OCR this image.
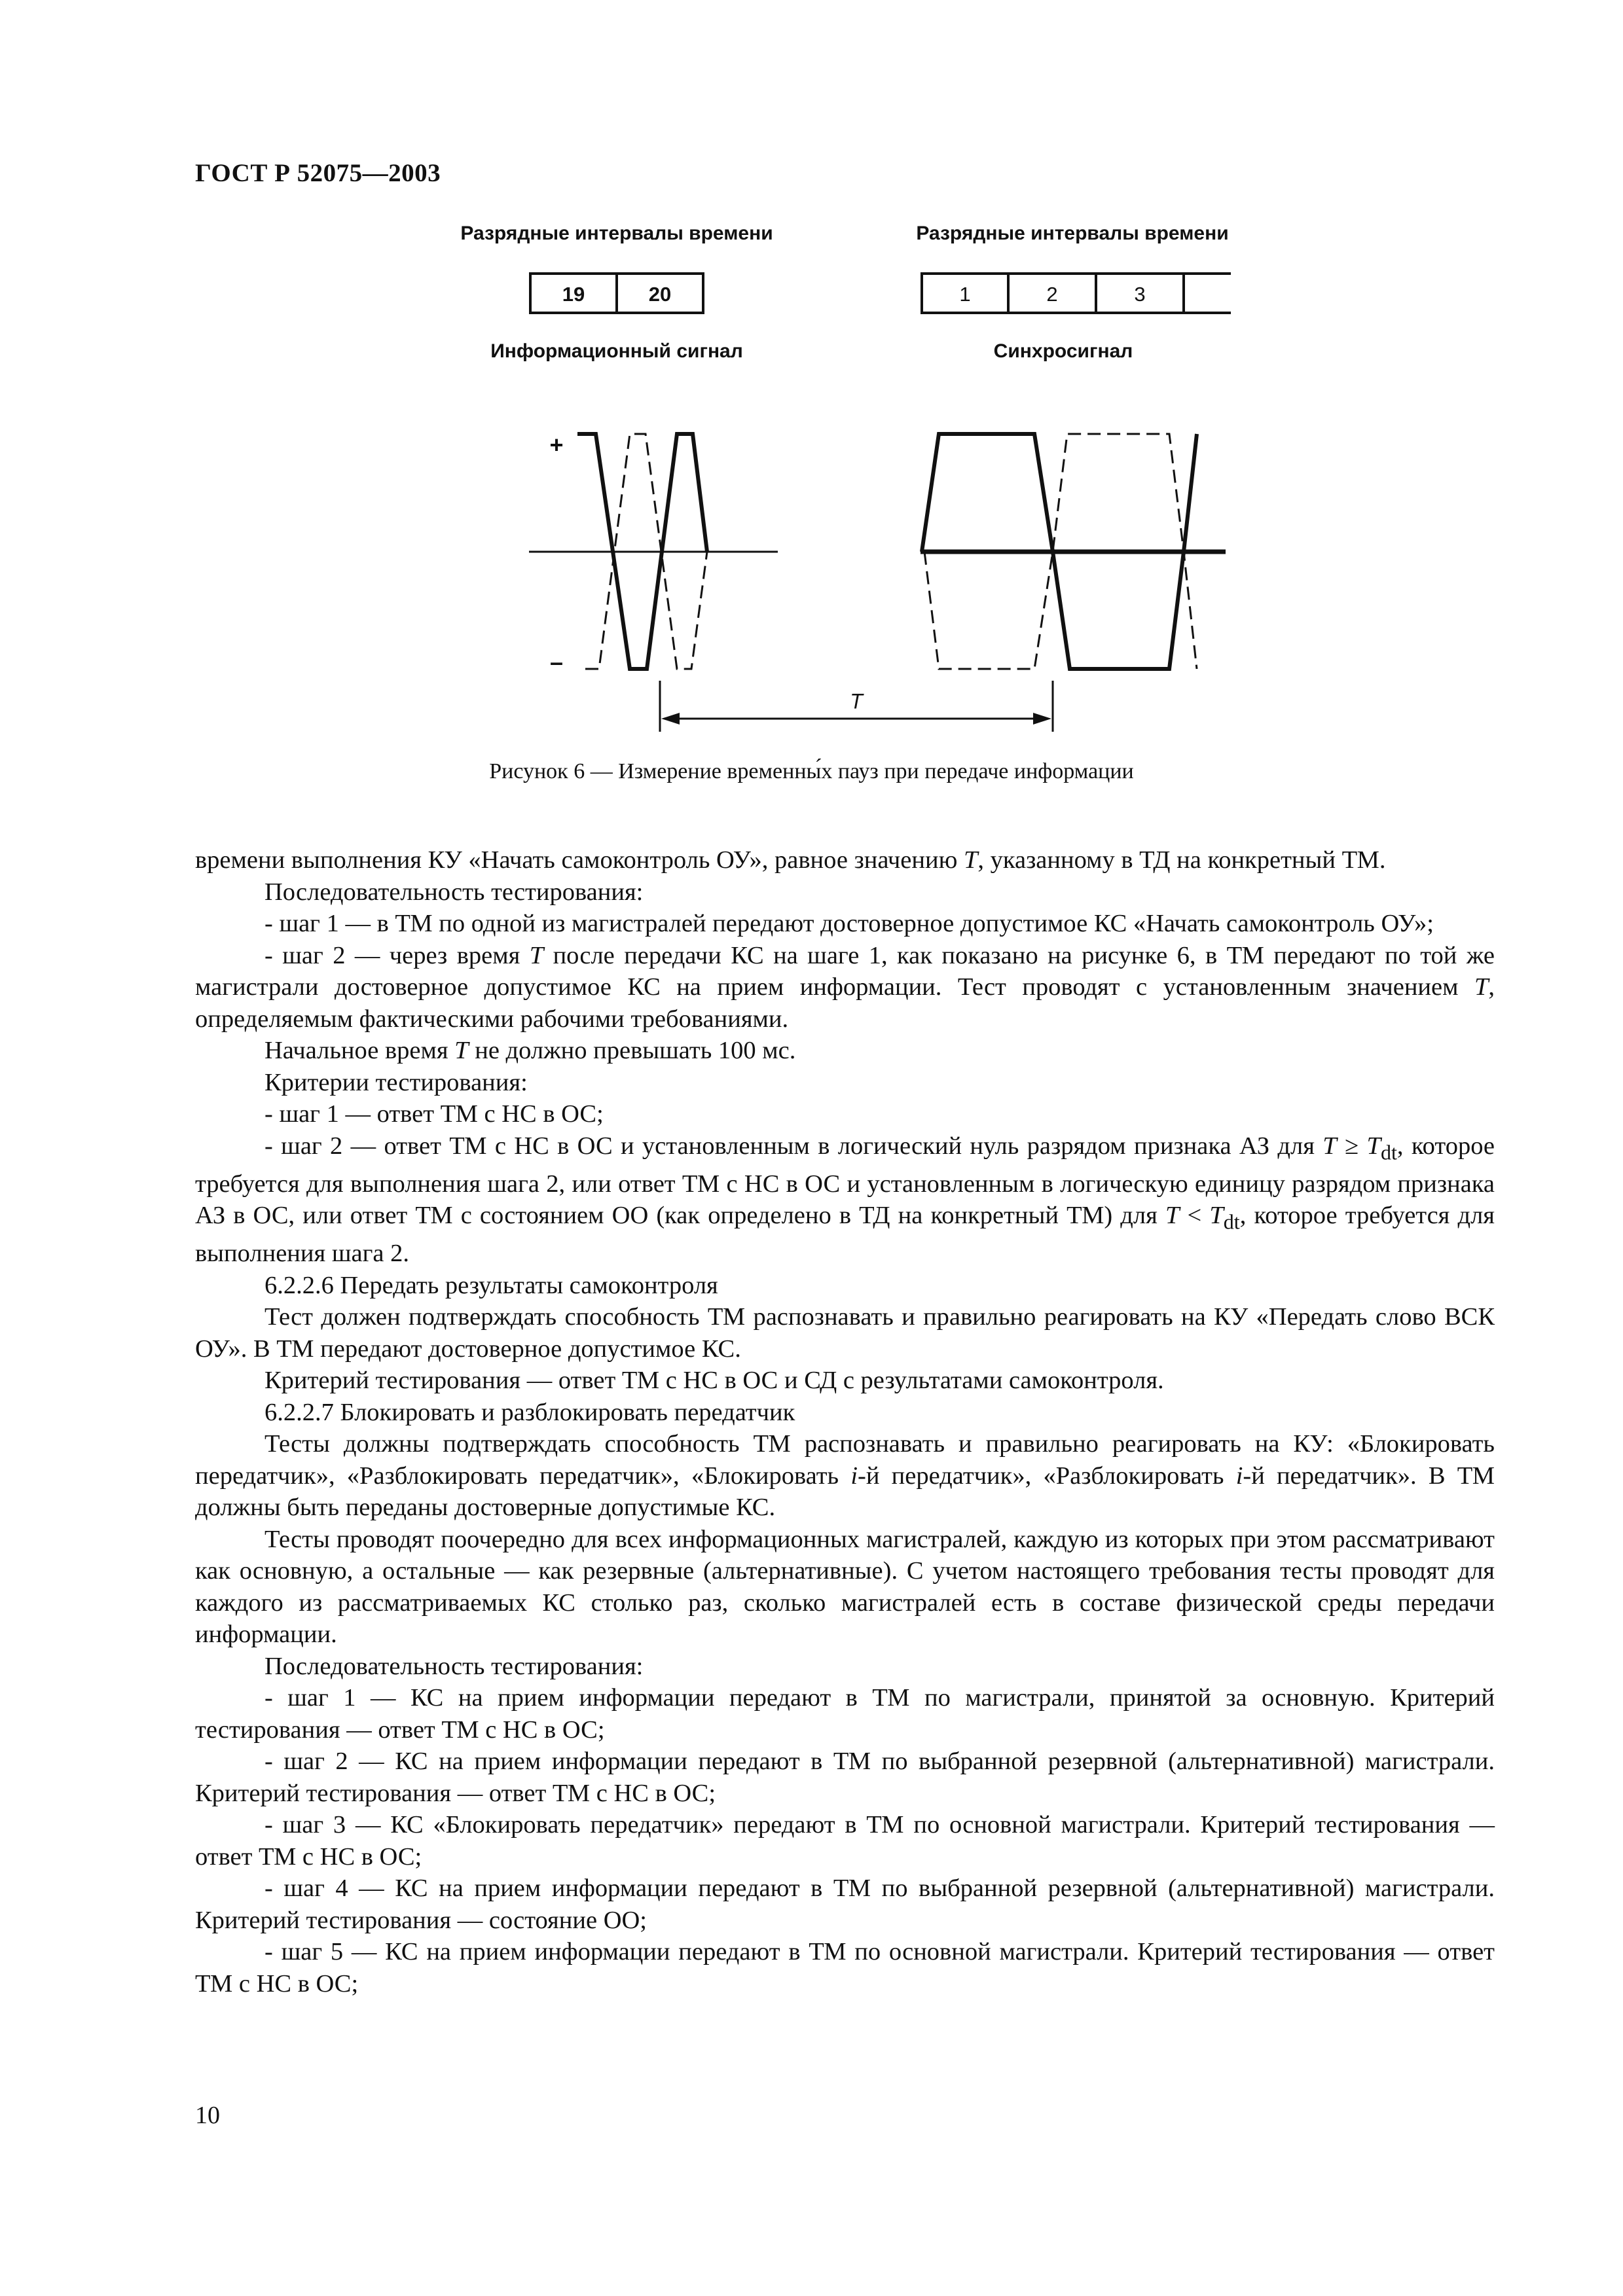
ГОСТ Р 52075—2003
Разрядные интервалы времени	Разрядные интервалы времени
19	20	1	2	3
Информационный сигнал	Синхросигнал
+
–
T
Рисунок 6 — Измерение временны́х пауз при передаче информации

времени выполнения КУ «Начать самоконтроль ОУ», равное значению T, указанному в ТД на конкретный ТМ.

Последовательность тестирования:

- шаг 1 — в ТМ по одной из магистралей передают достоверное допустимое КС «Начать самоконтроль ОУ»;

- шаг 2 — через время T после передачи КС на шаге 1, как показано на рисунке 6, в ТМ передают по той же магистрали достоверное допустимое КС на прием информации. Тест проводят с установленным значением T, определяемым фактическими рабочими требованиями.

Начальное время T не должно превышать 100 мс.

Критерии тестирования:

- шаг 1 — ответ ТМ с НС в ОС;

- шаг 2 — ответ ТМ с НС в ОС и установленным в логический нуль разрядом признака АЗ для $T \ge T_{dt}$, которое требуется для выполнения шага 2, или ответ ТМ с НС в ОС и установленным в логическую единицу разрядом признака АЗ в ОС, или ответ ТМ с состоянием ОО (как определено в ТД на конкретный ТМ) для $T < T_{dt}$, которое требуется для выполнения шага 2.

6.2.2.6 Передать результаты самоконтроля

Тест должен подтверждать способность ТМ распознавать и правильно реагировать на КУ «Передать слово ВСК ОУ». В ТМ передают достоверное допустимое КС.

Критерий тестирования — ответ ТМ с НС в ОС и СД с результатами самоконтроля.

6.2.2.7 Блокировать и разблокировать передатчик

Тесты должны подтверждать способность ТМ распознавать и правильно реагировать на КУ: «Блокировать передатчик», «Разблокировать передатчик», «Блокировать i-й передатчик», «Разблокировать i-й передатчик». В ТМ должны быть переданы достоверные допустимые КС.

Тесты проводят поочередно для всех информационных магистралей, каждую из которых при этом рассматривают как основную, а остальные — как резервные (альтернативные). С учетом настоящего требования тесты проводят для каждого из рассматриваемых КС столько раз, сколько магистралей есть в составе физической среды передачи информации.

Последовательность тестирования:

- шаг 1 — КС на прием информации передают в ТМ по магистрали, принятой за основную. Критерий тестирования — ответ ТМ с НС в ОС;

- шаг 2 — КС на прием информации передают в ТМ по выбранной резервной (альтернативной) магистрали. Критерий тестирования — ответ ТМ с НС в ОС;

- шаг 3 — КС «Блокировать передатчик» передают в ТМ по основной магистрали. Критерий тестирования — ответ ТМ с НС в ОС;

- шаг 4 — КС на прием информации передают в ТМ по выбранной резервной (альтернативной) магистрали. Критерий тестирования — состояние ОО;

- шаг 5 — КС на прием информации передают в ТМ по основной магистрали. Критерий тестирования — ответ ТМ с НС в ОС;

10
